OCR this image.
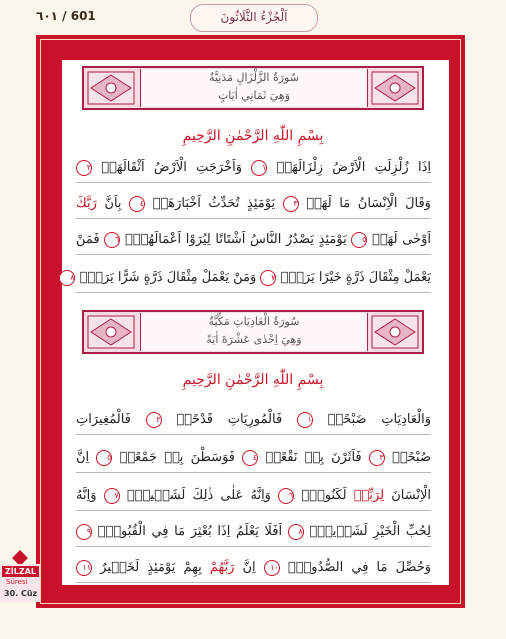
٦٠١ / 601	اَلْجُزْءُ الثَّلَاثُونَ
سُورَةُ الزَّلْزَالِ مَدَنِيَّةٌ
وَهِيَ ثَمَانِي اٰيَاتٍ
بِسْمِ اللّٰهِ الرَّحْمٰنِ الرَّحِيمِ
اِذَا زُلْزِلَتِ الْاَرْضُ زِلْزَالَهَاۙ ١ وَاَخْرَجَتِ الْاَرْضُ اَثْقَالَهَاۙ ٢
وَقَالَ الْاِنْسَانُ مَا لَهَاۚ ٣ يَوْمَئِذٍ تُحَدِّثُ اَخْبَارَهَاۙ ٤ بِاَنَّ رَبَّكَ
اَوْحٰى لَهَاۜ ٥ يَوْمَئِذٍ يَصْدُرُ النَّاسُ اَشْتَاتًا لِيُرَوْا اَعْمَالَهُمْۜ ٦ فَمَنْ
يَعْمَلْ مِثْقَالَ ذَرَّةٍ خَيْرًا يَرَهُۜ ٧ وَمَنْ يَعْمَلْ مِثْقَالَ ذَرَّةٍ شَرًّا يَرَهُ۟ ٨
سُورَةُ الْعَادِيَاتِ مَكِّيَّةٌ
وَهِيَ اِحْدٰى عَشْرَةَ اٰيَةً
بِسْمِ اللّٰهِ الرَّحْمٰنِ الرَّحِيمِ
وَالْعَادِيَاتِ ضَبْحًاۙ ١ فَالْمُورِيَاتِ قَدْحًاۙ ٢ فَالْمُغِيرَاتِ
صُبْحًاۙ ٣ فَاَثَرْنَ بِه۪ نَقْعًاۙ ٤ فَوَسَطْنَ بِه۪ جَمْعًاۙ ٥ اِنَّ
الْاِنْسَانَ لِرَبِّه۪ لَكَنُودٌۚ ٦ وَاِنَّهُ عَلٰى ذٰلِكَ لَشَه۪يدٌۚ ٧ وَاِنَّهُ
لِحُبِّ الْخَيْرِ لَشَد۪يدٌۜ ٨ اَفَلَا يَعْلَمُ اِذَا بُعْثِرَ مَا فِي الْقُبُورِۙ ٩
وَحُصِّلَ مَا فِي الصُّدُورِۙ ١٠ اِنَّ رَبَّهُمْ بِهِمْ يَوْمَئِذٍ لَخَب۪يرٌ ١١
ZİLZAL
Süresi
30. Cüz
